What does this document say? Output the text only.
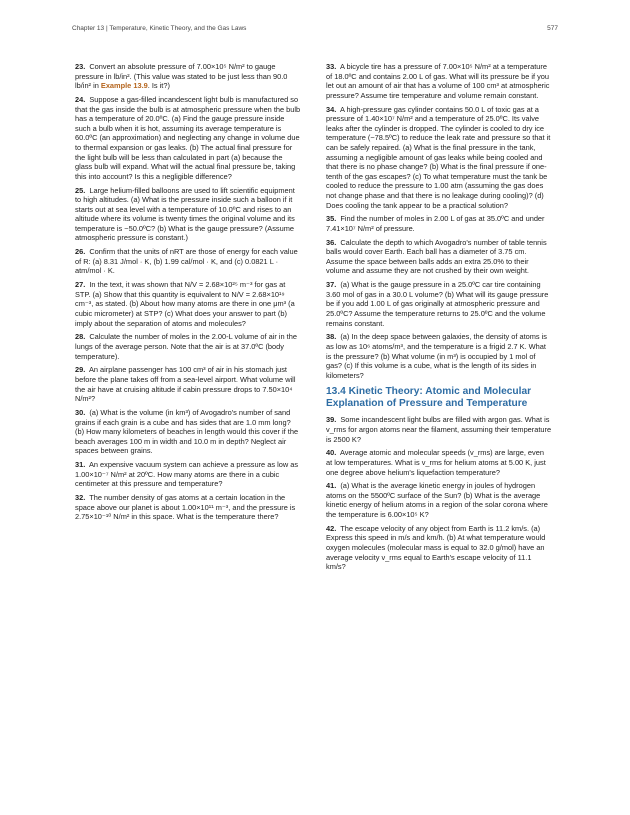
Chapter 13 | Temperature, Kinetic Theory, and the Gas Laws	577
23. Convert an absolute pressure of 7.00×10⁵ N/m² to gauge pressure in lb/in². (This value was stated to be just less than 90.0 lb/in² in Example 13.9. Is it?)
24. Suppose a gas-filled incandescent light bulb is manufactured so that the gas inside the bulb is at atmospheric pressure when the bulb has a temperature of 20.0ºC. (a) Find the gauge pressure inside such a bulb when it is hot, assuming its average temperature is 60.0ºC (an approximation) and neglecting any change in volume due to thermal expansion or gas leaks. (b) The actual final pressure for the light bulb will be less than calculated in part (a) because the glass bulb will expand. What will the actual final pressure be, taking this into account? Is this a negligible difference?
25. Large helium-filled balloons are used to lift scientific equipment to high altitudes. (a) What is the pressure inside such a balloon if it starts out at sea level with a temperature of 10.0ºC and rises to an altitude where its volume is twenty times the original volume and its temperature is −50.0ºC? (b) What is the gauge pressure? (Assume atmospheric pressure is constant.)
26. Confirm that the units of nRT are those of energy for each value of R: (a) 8.31 J/mol · K, (b) 1.99 cal/mol · K, and (c) 0.0821 L · atm/mol · K.
27. In the text, it was shown that N/V = 2.68×10²⁵ m⁻³ for gas at STP. (a) Show that this quantity is equivalent to N/V = 2.68×10¹⁹ cm⁻³, as stated. (b) About how many atoms are there in one μm³ (a cubic micrometer) at STP? (c) What does your answer to part (b) imply about the separation of atoms and molecules?
28. Calculate the number of moles in the 2.00-L volume of air in the lungs of the average person. Note that the air is at 37.0ºC (body temperature).
29. An airplane passenger has 100 cm³ of air in his stomach just before the plane takes off from a sea-level airport. What volume will the air have at cruising altitude if cabin pressure drops to 7.50×10⁴ N/m²?
30. (a) What is the volume (in km³) of Avogadro's number of sand grains if each grain is a cube and has sides that are 1.0 mm long? (b) How many kilometers of beaches in length would this cover if the beach averages 100 m in width and 10.0 m in depth? Neglect air spaces between grains.
31. An expensive vacuum system can achieve a pressure as low as 1.00×10⁻⁷ N/m² at 20ºC. How many atoms are there in a cubic centimeter at this pressure and temperature?
32. The number density of gas atoms at a certain location in the space above our planet is about 1.00×10¹¹ m⁻³, and the pressure is 2.75×10⁻¹⁰ N/m² in this space. What is the temperature there?
33. A bicycle tire has a pressure of 7.00×10⁵ N/m² at a temperature of 18.0ºC and contains 2.00 L of gas. What will its pressure be if you let out an amount of air that has a volume of 100 cm³ at atmospheric pressure? Assume tire temperature and volume remain constant.
34. A high-pressure gas cylinder contains 50.0 L of toxic gas at a pressure of 1.40×10⁷ N/m² and a temperature of 25.0ºC. Its valve leaks after the cylinder is dropped. The cylinder is cooled to dry ice temperature (−78.5ºC) to reduce the leak rate and pressure so that it can be safely repaired. (a) What is the final pressure in the tank, assuming a negligible amount of gas leaks while being cooled and that there is no phase change? (b) What is the final pressure if one-tenth of the gas escapes? (c) To what temperature must the tank be cooled to reduce the pressure to 1.00 atm (assuming the gas does not change phase and that there is no leakage during cooling)? (d) Does cooling the tank appear to be a practical solution?
35. Find the number of moles in 2.00 L of gas at 35.0ºC and under 7.41×10⁷ N/m² of pressure.
36. Calculate the depth to which Avogadro's number of table tennis balls would cover Earth. Each ball has a diameter of 3.75 cm. Assume the space between balls adds an extra 25.0% to their volume and assume they are not crushed by their own weight.
37. (a) What is the gauge pressure in a 25.0ºC car tire containing 3.60 mol of gas in a 30.0 L volume? (b) What will its gauge pressure be if you add 1.00 L of gas originally at atmospheric pressure and 25.0ºC? Assume the temperature returns to 25.0ºC and the volume remains constant.
38. (a) In the deep space between galaxies, the density of atoms is as low as 10⁶ atoms/m³, and the temperature is a frigid 2.7 K. What is the pressure? (b) What volume (in m³) is occupied by 1 mol of gas? (c) If this volume is a cube, what is the length of its sides in kilometers?
13.4 Kinetic Theory: Atomic and Molecular Explanation of Pressure and Temperature
39. Some incandescent light bulbs are filled with argon gas. What is v_rms for argon atoms near the filament, assuming their temperature is 2500 K?
40. Average atomic and molecular speeds (v_rms) are large, even at low temperatures. What is v_rms for helium atoms at 5.00 K, just one degree above helium's liquefaction temperature?
41. (a) What is the average kinetic energy in joules of hydrogen atoms on the 5500ºC surface of the Sun? (b) What is the average kinetic energy of helium atoms in a region of the solar corona where the temperature is 6.00×10⁵ K?
42. The escape velocity of any object from Earth is 11.2 km/s. (a) Express this speed in m/s and km/h. (b) At what temperature would oxygen molecules (molecular mass is equal to 32.0 g/mol) have an average velocity v_rms equal to Earth's escape velocity of 11.1 km/s?
